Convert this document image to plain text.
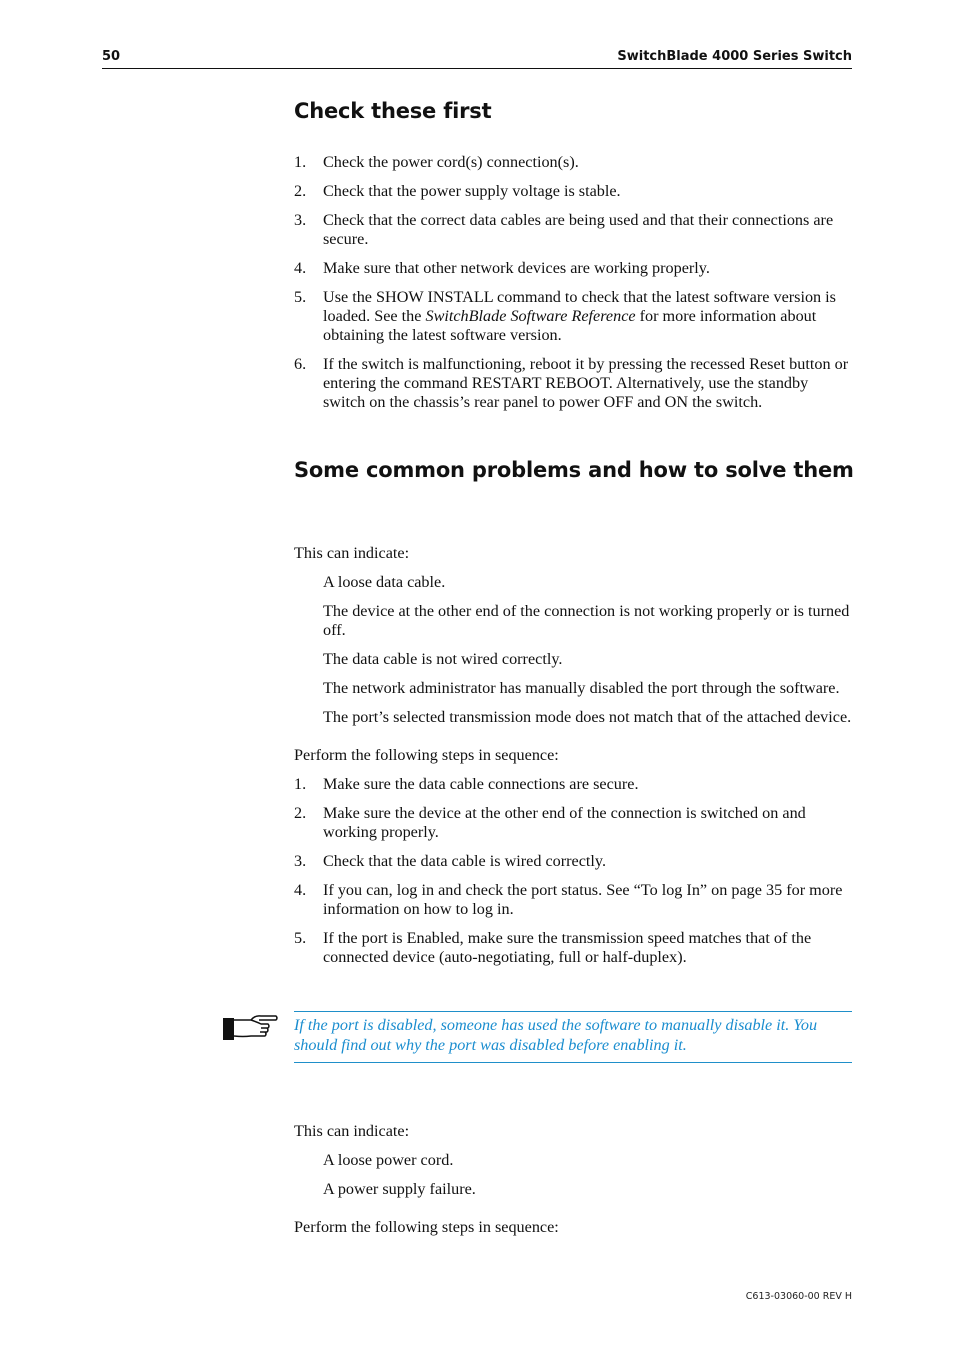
50	SwitchBlade 4000 Series Switch
Check these first
1. Check the power cord(s) connection(s).
2. Check that the power supply voltage is stable.
3. Check that the correct data cables are being used and that their connections are secure.
4. Make sure that other network devices are working properly.
5. Use the SHOW INSTALL command to check that the latest software version is loaded. See the SwitchBlade Software Reference for more information about obtaining the latest software version.
6. If the switch is malfunctioning, reboot it by pressing the recessed Reset button or entering the command RESTART REBOOT. Alternatively, use the standby switch on the chassis’s rear panel to power OFF and ON the switch.
Some common problems and how to solve them

This can indicate:

A loose data cable.
The device at the other end of the connection is not working properly or is turned off.
The data cable is not wired correctly.
The network administrator has manually disabled the port through the software.
The port’s selected transmission mode does not match that of the attached device.

Perform the following steps in sequence:

1. Make sure the data cable connections are secure.
2. Make sure the device at the other end of the connection is switched on and working properly.
3. Check that the data cable is wired correctly.
4. If you can, log in and check the port status. See “To log In” on page 35 for more information on how to log in.
5. If the port is Enabled, make sure the transmission speed matches that of the connected device (auto-negotiating, full or half-duplex).
If the port is disabled, someone has used the software to manually disable it. You should find out why the port was disabled before enabling it.

This can indicate:

A loose power cord.
A power supply failure.

Perform the following steps in sequence:

C613-03060-00 REV H
